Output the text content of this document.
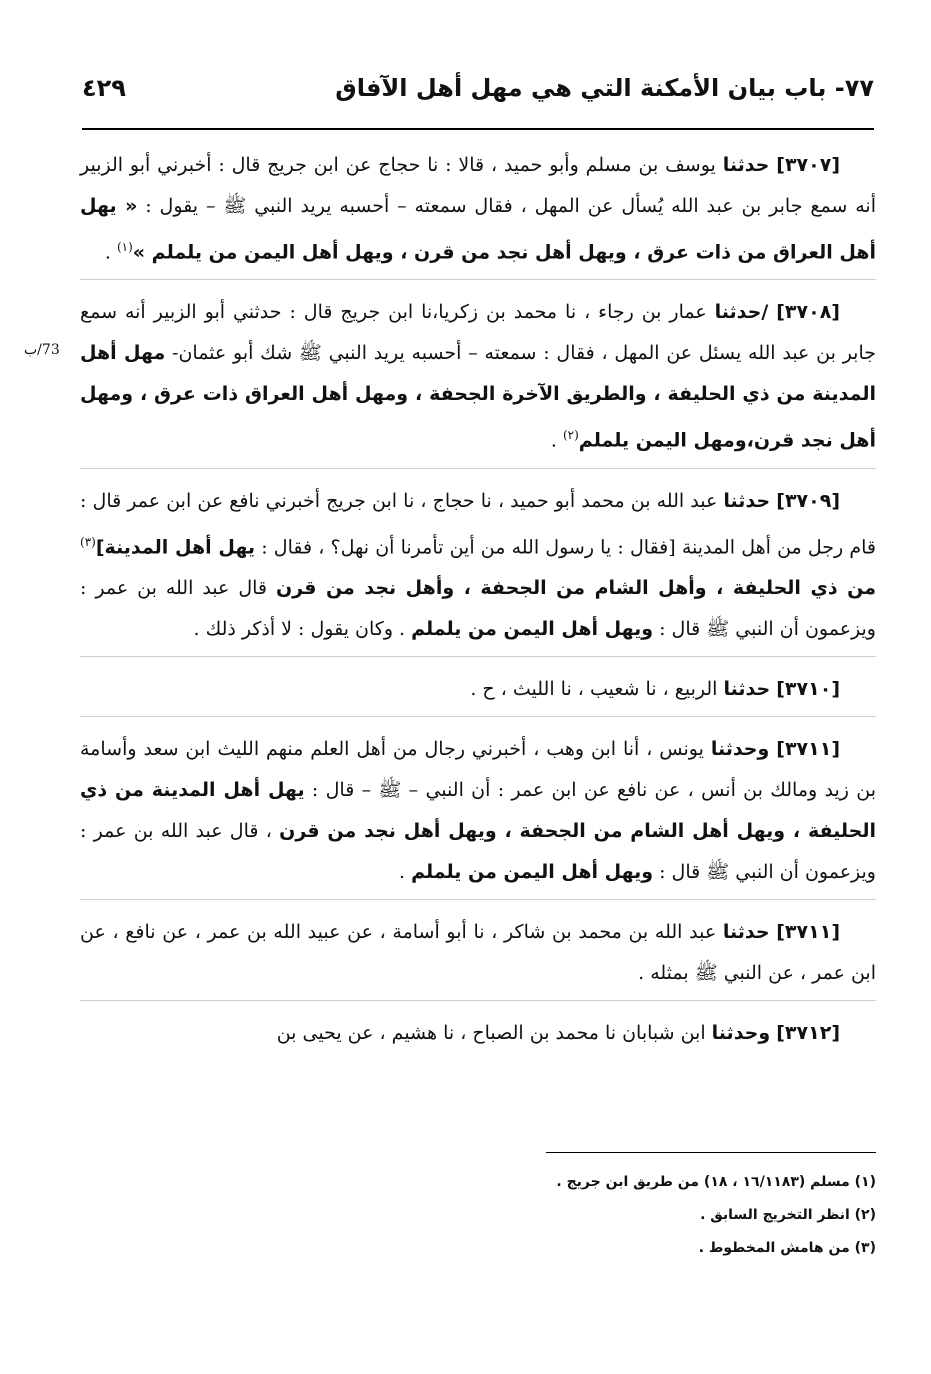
٧٧- باب بيان الأمكنة التي هي مهل أهل الآفاق
٤٢٩
73/ب

[٣٧٠٧] حدثنا يوسف بن مسلم وأبو حميد ، قالا : نا حجاج عن ابن جريج قال : أخبرني أبو الزبير أنه سمع جابر بن عبد الله يُسأل عن المهل ، فقال سمعته – أحسبه يريد النبي ﷺ – يقول : « يهل أهل العراق من ذات عرق ، ويهل أهل نجد من قرن ، ويهل أهل اليمن من يلملم »$^{(١)}$ .

[٣٧٠٨] /حدثنا عمار بن رجاء ، نا محمد بن زكريا،نا ابن جريج قال : حدثني أبو الزبير أنه سمع جابر بن عبد الله يسئل عن المهل ، فقال : سمعته – أحسبه يريد النبي ﷺ شك أبو عثمان- مهل أهل المدينة من ذي الحليفة ، والطريق الآخرة الجحفة ، ومهل أهل العراق ذات عرق ، ومهل أهل نجد قرن،ومهل اليمن يلملم$^{(٢)}$ .

[٣٧٠٩] حدثنا عبد الله بن محمد أبو حميد ، نا حجاج ، نا ابن جريج أخبرني نافع عن ابن عمر قال : قام رجل من أهل المدينة [فقال : يا رسول الله من أين تأمرنا أن نهل؟ ، فقال : يهل أهل المدينة]$^{(٣)}$ من ذي الحليفة ، وأهل الشام من الجحفة ، وأهل نجد من قرن قال عبد الله بن عمر : ويزعمون أن النبي ﷺ قال : ويهل أهل اليمن من يلملم . وكان يقول : لا أذكر ذلك .

[٣٧١٠] حدثنا الربيع ، نا شعيب ، نا الليث ، ح .

[٣٧١١] وحدثنا يونس ، أنا ابن وهب ، أخبرني رجال من أهل العلم منهم الليث ابن سعد وأسامة بن زيد ومالك بن أنس ، عن نافع عن ابن عمر : أن النبي – ﷺ – قال : يهل أهل المدينة من ذي الحليفة ، ويهل أهل الشام من الجحفة ، ويهل أهل نجد من قرن ، قال عبد الله بن عمر : ويزعمون أن النبي ﷺ قال : ويهل أهل اليمن من يلملم .

[٣٧١١] حدثنا عبد الله بن محمد بن شاكر ، نا أبو أسامة ، عن عبيد الله بن عمر ، عن نافع ، عن ابن عمر ، عن النبي ﷺ بمثله .

[٣٧١٢] وحدثنا ابن شبابان نا محمد بن الصباح ، نا هشيم ، عن يحيى بن

(١) مسلم (١٦/١١٨٣ ، ١٨) من طريق ابن جريج .
(٢) انظر التخريج السابق .
(٣) من هامش المخطوط .
